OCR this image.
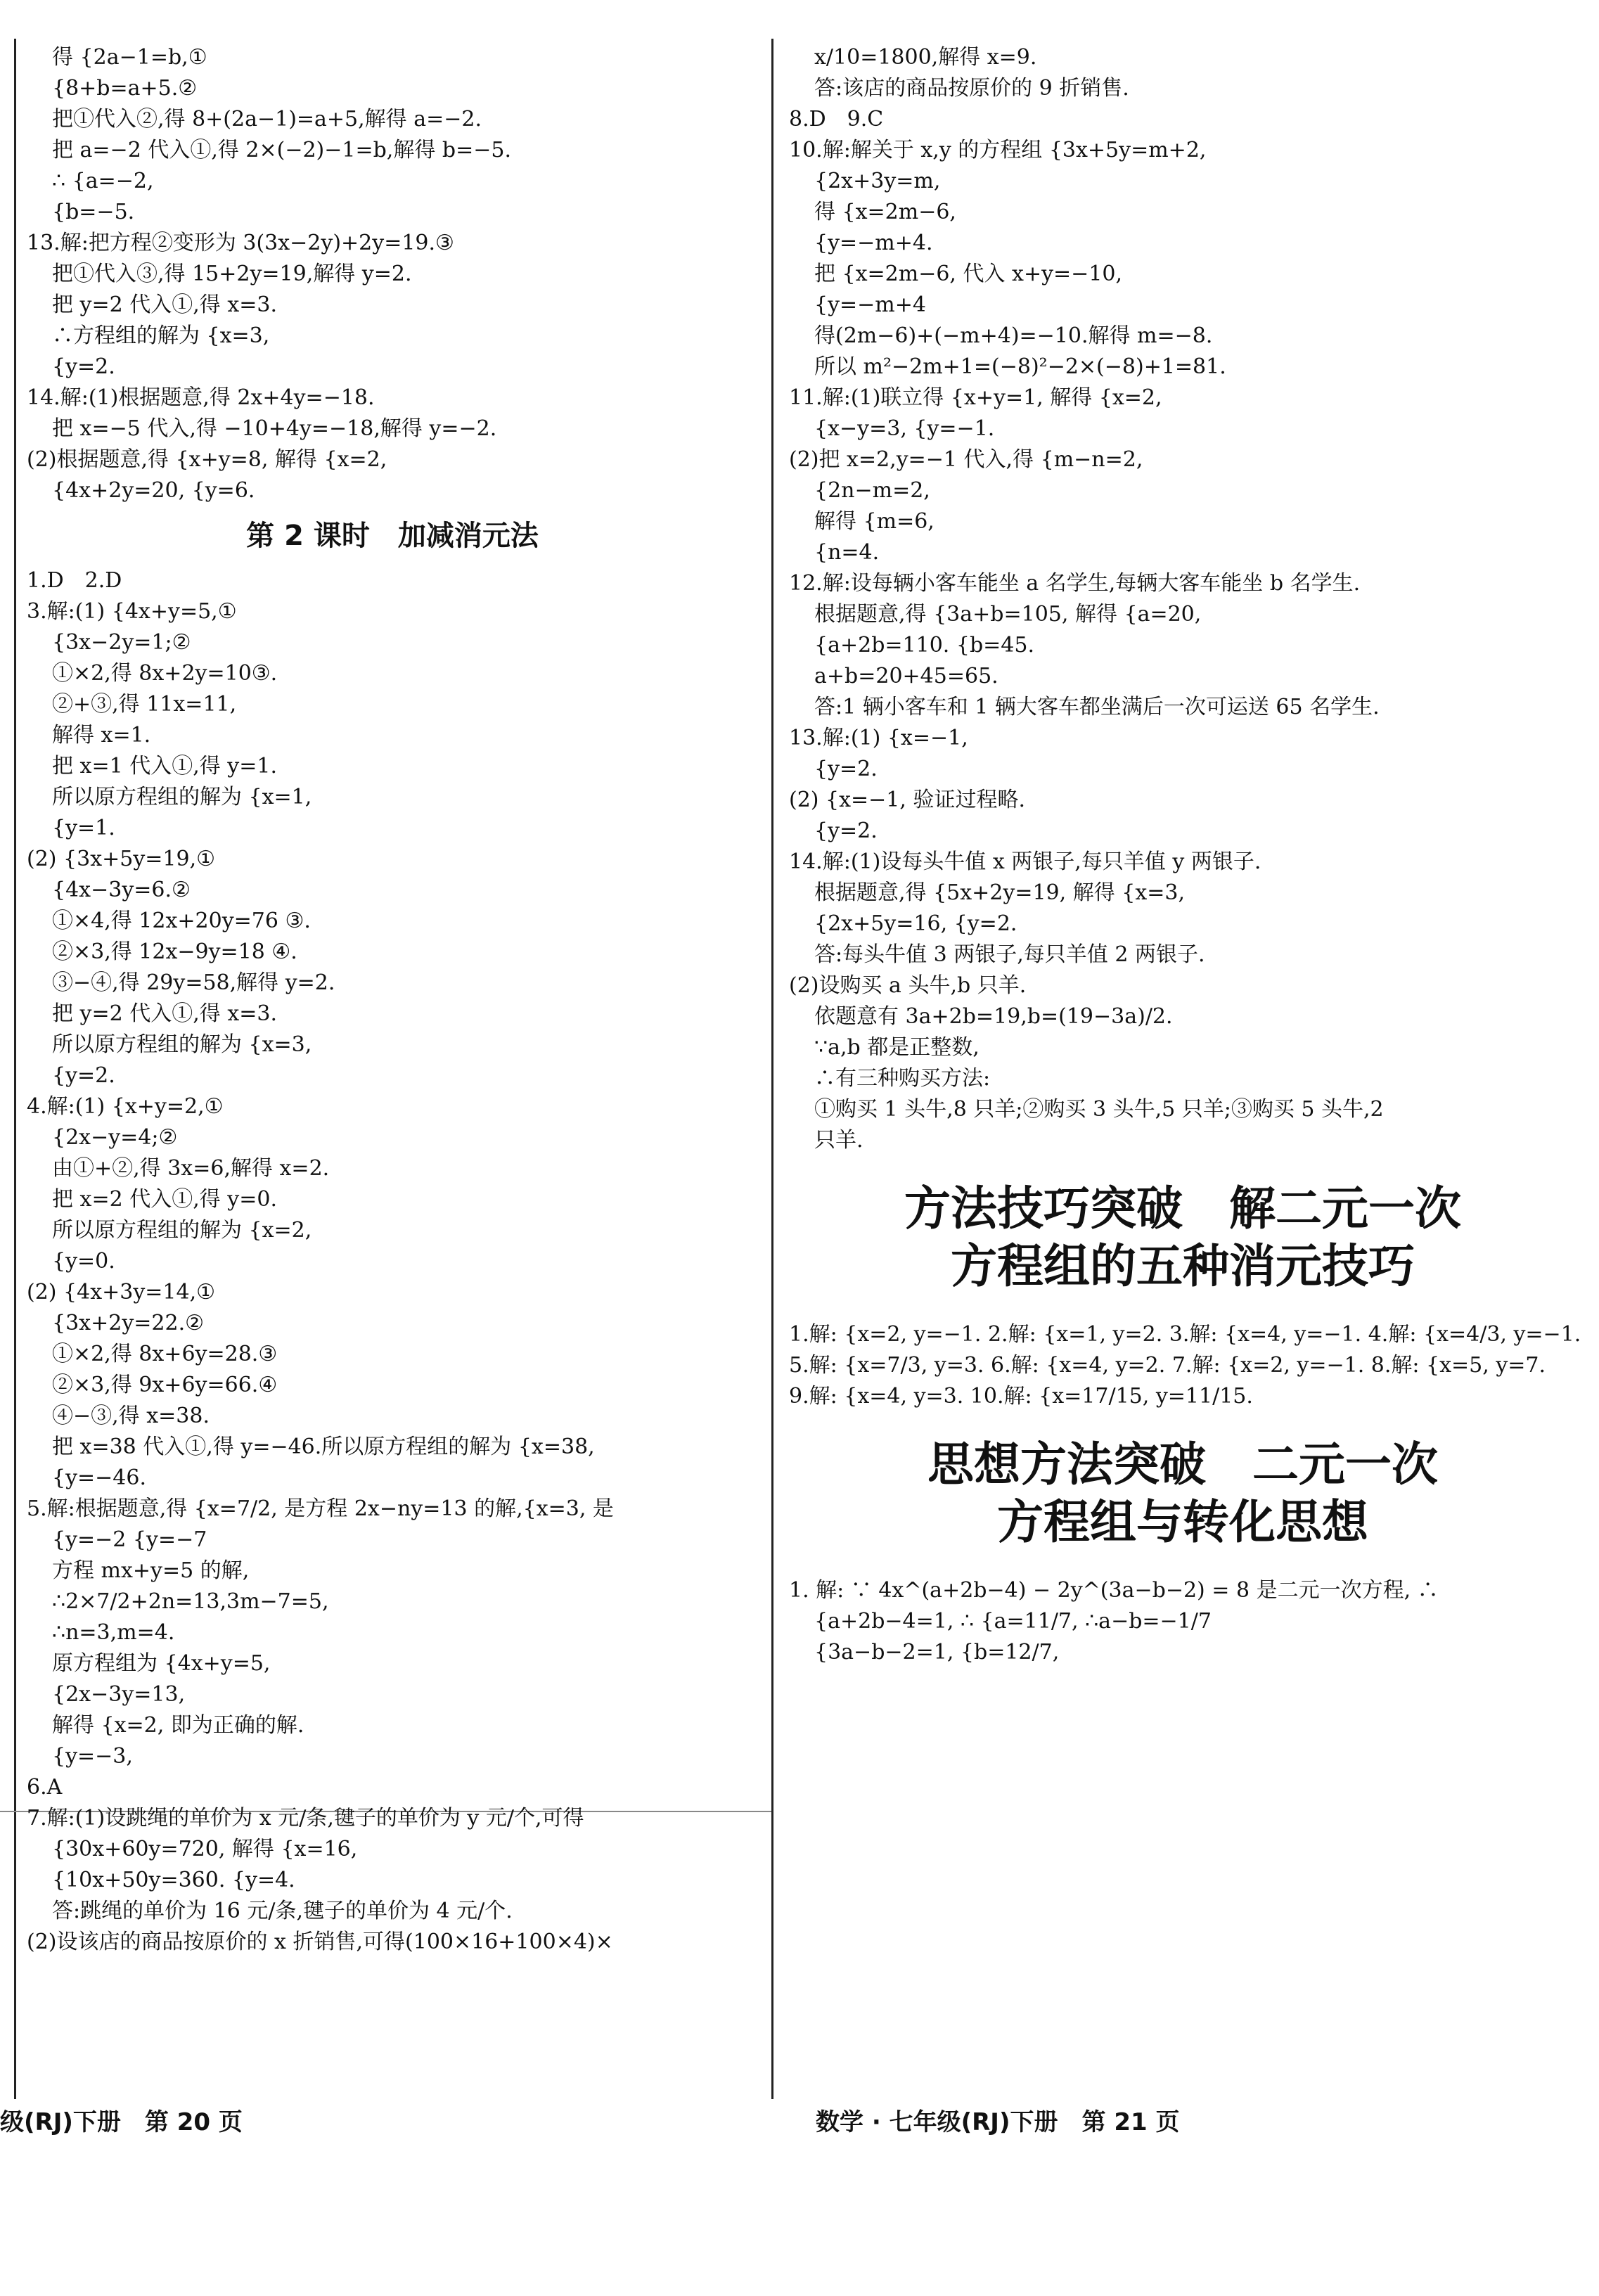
得 {2a−1=b,①
{8+b=a+5.②
把①代入②,得 8+(2a−1)=a+5,解得 a=−2.
把 a=−2 代入①,得 2×(−2)−1=b,解得 b=−5.
∴ {a=−2,
{b=−5.
13.解:把方程②变形为 3(3x−2y)+2y=19.③
把①代入③,得 15+2y=19,解得 y=2.
把 y=2 代入①,得 x=3.
∴方程组的解为 {x=3,
{y=2.
14.解:(1)根据题意,得 2x+4y=−18.
把 x=−5 代入,得 −10+4y=−18,解得 y=−2.
(2)根据题意,得 {x+y=8, 解得 {x=2,
{4x+2y=20, {y=6.
第 2 课时　加减消元法
1.D　2.D
3.解:(1) {4x+y=5,①
{3x−2y=1;②
①×2,得 8x+2y=10③.
②+③,得 11x=11,
解得 x=1.
把 x=1 代入①,得 y=1.
所以原方程组的解为 {x=1,
{y=1.
(2) {3x+5y=19,①
{4x−3y=6.②
①×4,得 12x+20y=76 ③.
②×3,得 12x−9y=18 ④.
③−④,得 29y=58,解得 y=2.
把 y=2 代入①,得 x=3.
所以原方程组的解为 {x=3,
{y=2.
4.解:(1) {x+y=2,①
{2x−y=4;②
由①+②,得 3x=6,解得 x=2.
把 x=2 代入①,得 y=0.
所以原方程组的解为 {x=2,
{y=0.
(2) {4x+3y=14,①
{3x+2y=22.②
①×2,得 8x+6y=28.③
②×3,得 9x+6y=66.④
④−③,得 x=38.
把 x=38 代入①,得 y=−46.所以原方程组的解为 {x=38,
{y=−46.
5.解:根据题意,得 {x=7/2, 是方程 2x−ny=13 的解,{x=3, 是
{y=−2 {y=−7
方程 mx+y=5 的解,
∴2×7/2+2n=13,3m−7=5,
∴n=3,m=4.
原方程组为 {4x+y=5,
{2x−3y=13,
解得 {x=2, 即为正确的解.
{y=−3,
6.A
7.解:(1)设跳绳的单价为 x 元/条,毽子的单价为 y 元/个,可得
{30x+60y=720, 解得 {x=16,
{10x+50y=360. {y=4.
答:跳绳的单价为 16 元/条,毽子的单价为 4 元/个.
(2)设该店的商品按原价的 x 折销售,可得(100×16+100×4)×
x/10=1800,解得 x=9.
答:该店的商品按原价的 9 折销售.
8.D　9.C
10.解:解关于 x,y 的方程组 {3x+5y=m+2,
{2x+3y=m,
得 {x=2m−6,
{y=−m+4.
把 {x=2m−6, 代入 x+y=−10,
{y=−m+4
得(2m−6)+(−m+4)=−10.解得 m=−8.
所以 m²−2m+1=(−8)²−2×(−8)+1=81.
11.解:(1)联立得 {x+y=1, 解得 {x=2,
{x−y=3, {y=−1.
(2)把 x=2,y=−1 代入,得 {m−n=2,
{2n−m=2,
解得 {m=6,
{n=4.
12.解:设每辆小客车能坐 a 名学生,每辆大客车能坐 b 名学生.
根据题意,得 {3a+b=105, 解得 {a=20,
{a+2b=110. {b=45.
a+b=20+45=65.
答:1 辆小客车和 1 辆大客车都坐满后一次可运送 65 名学生.
13.解:(1) {x=−1,
{y=2.
(2) {x=−1, 验证过程略.
{y=2.
14.解:(1)设每头牛值 x 两银子,每只羊值 y 两银子.
根据题意,得 {5x+2y=19, 解得 {x=3,
{2x+5y=16, {y=2.
答:每头牛值 3 两银子,每只羊值 2 两银子.
(2)设购买 a 头牛,b 只羊.
依题意有 3a+2b=19,b=(19−3a)/2.
∵a,b 都是正整数,
∴有三种购买方法:
①购买 1 头牛,8 只羊;②购买 3 头牛,5 只羊;③购买 5 头牛,2
只羊.
方法技巧突破　解二元一次
方程组的五种消元技巧
1.解: {x=2, y=−1. 2.解: {x=1, y=2. 3.解: {x=4, y=−1. 4.解: {x=4/3, y=−1.
5.解: {x=7/3, y=3. 6.解: {x=4, y=2. 7.解: {x=2, y=−1. 8.解: {x=5, y=7.
9.解: {x=4, y=3. 10.解: {x=17/15, y=11/15.
思想方法突破　二元一次
方程组与转化思想
1. 解: ∵ 4x^(a+2b−4) − 2y^(3a−b−2) = 8 是二元一次方程, ∴
{a+2b−4=1, ∴ {a=11/7, ∴a−b=−1/7
{3a−b−2=1, {b=12/7,
级(RJ)下册　第 20 页	数学 · 七年级(RJ)下册　第 21 页
